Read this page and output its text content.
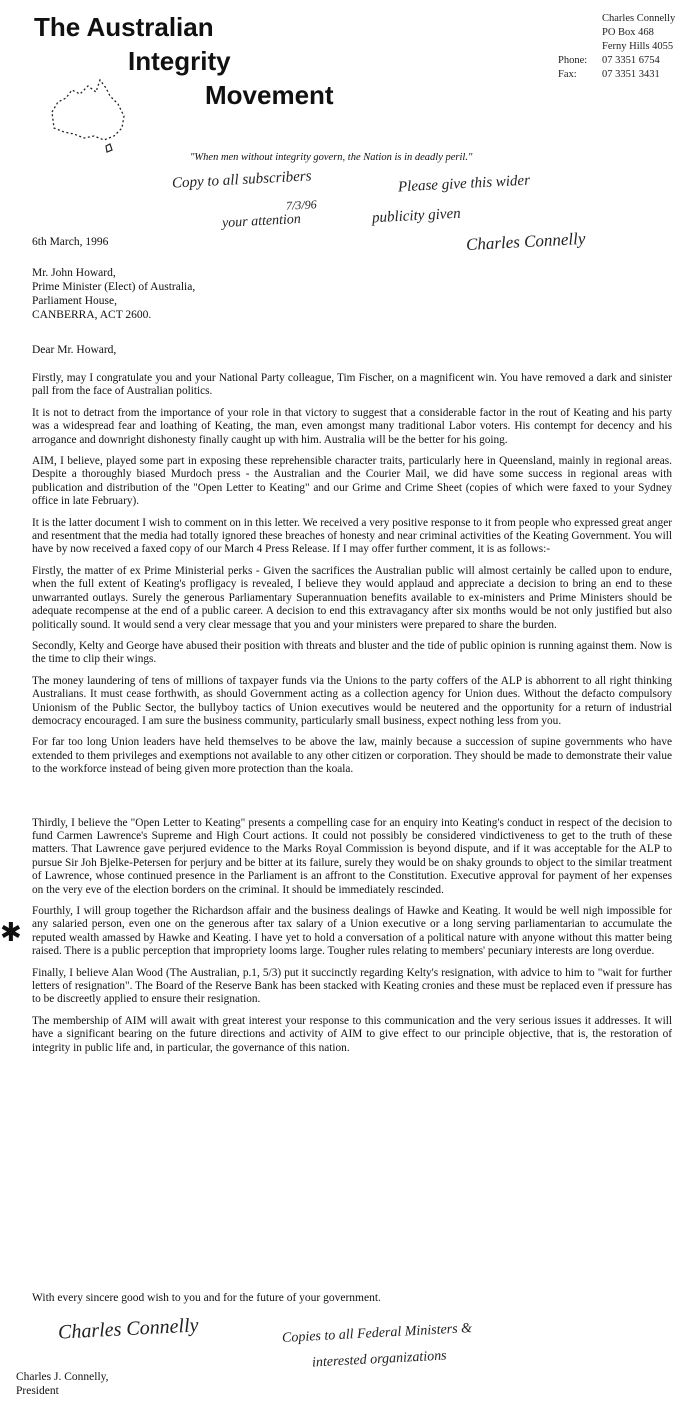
The Australian
Integrity
Movement
Charles Connelly
PO Box 468
Ferny Hills 4055
Phone: 07 3351 6754
Fax: 07 3351 3431
"When men without integrity govern, the Nation is in deadly peril."
Copy to all subscribers	Please give this wider
7/3/96
your attention	publicity given
Charles Connelly
6th March, 1996
Mr. John Howard,
Prime Minister (Elect) of Australia,
Parliament House,
CANBERRA, ACT 2600.
Dear Mr. Howard,

Firstly, may I congratulate you and your National Party colleague, Tim Fischer, on a magnificent win. You have removed a dark and sinister pall from the face of Australian politics.

It is not to detract from the importance of your role in that victory to suggest that a considerable factor in the rout of Keating and his party was a widespread fear and loathing of Keating, the man, even amongst many traditional Labor voters. His contempt for decency and his arrogance and downright dishonesty finally caught up with him. Australia will be the better for his going.

AIM, I believe, played some part in exposing these reprehensible character traits, particularly here in Queensland, mainly in regional areas. Despite a thoroughly biased Murdoch press - the Australian and the Courier Mail, we did have some success in regional areas with publication and distribution of the "Open Letter to Keating" and our Grime and Crime Sheet (copies of which were faxed to your Sydney office in late February).

It is the latter document I wish to comment on in this letter. We received a very positive response to it from people who expressed great anger and resentment that the media had totally ignored these breaches of honesty and near criminal activities of the Keating Government. You will have by now received a faxed copy of our March 4 Press Release. If I may offer further comment, it is as follows:-

Firstly, the matter of ex Prime Ministerial perks - Given the sacrifices the Australian public will almost certainly be called upon to endure, when the full extent of Keating's profligacy is revealed, I believe they would applaud and appreciate a decision to bring an end to these unwarranted outlays. Surely the generous Parliamentary Superannuation benefits available to ex-ministers and Prime Ministers should be adequate recompense at the end of a public career. A decision to end this extravagancy after six months would be not only justified but also politically sound. It would send a very clear message that you and your ministers were prepared to share the burden.

Secondly, Kelty and George have abused their position with threats and bluster and the tide of public opinion is running against them. Now is the time to clip their wings.

The money laundering of tens of millions of taxpayer funds via the Unions to the party coffers of the ALP is abhorrent to all right thinking Australians. It must cease forthwith, as should Government acting as a collection agency for Union dues. Without the defacto compulsory Unionism of the Public Sector, the bullyboy tactics of Union executives would be neutered and the opportunity for a return of industrial democracy encouraged. I am sure the business community, particularly small business, expect nothing less from you.

For far too long Union leaders have held themselves to be above the law, mainly because a succession of supine governments who have extended to them privileges and exemptions not available to any other citizen or corporation. They should be made to demonstrate their value to the workforce instead of being given more protection than the koala.

Thirdly, I believe the "Open Letter to Keating" presents a compelling case for an enquiry into Keating's conduct in respect of the decision to fund Carmen Lawrence's Supreme and High Court actions. It could not possibly be considered vindictiveness to get to the truth of these matters. That Lawrence gave perjured evidence to the Marks Royal Commission is beyond dispute, and if it was acceptable for the ALP to pursue Sir Joh Bjelke-Petersen for perjury and be bitter at its failure, surely they would be on shaky grounds to object to the similar treatment of Lawrence, whose continued presence in the Parliament is an affront to the Constitution. Executive approval for payment of her expenses on the very eve of the election borders on the criminal. It should be immediately rescinded.

Fourthly, I will group together the Richardson affair and the business dealings of Hawke and Keating. It would be well nigh impossible for any salaried person, even one on the generous after tax salary of a Union executive or a long serving parliamentarian to accumulate the reputed wealth amassed by Hawke and Keating. I have yet to hold a conversation of a political nature with anyone without this matter being raised. There is a public perception that impropriety looms large. Tougher rules relating to members' pecuniary interests are long overdue.

Finally, I believe Alan Wood (The Australian, p.1, 5/3) put it succinctly regarding Kelty's resignation, with advice to him to "wait for further letters of resignation". The Board of the Reserve Bank has been stacked with Keating cronies and these must be replaced even if pressure has to be discreetly applied to ensure their resignation.

The membership of AIM will await with great interest your response to this communication and the very serious issues it addresses. It will have a significant bearing on the future directions and activity of AIM to give effect to our principle objective, that is, the restoration of integrity in public life and, in particular, the governance of this nation.

✱
With every sincere good wish to you and for the future of your government.
Charles Connelly	Copies to all Federal Ministers &
interested organizations
Charles J. Connelly,
President
